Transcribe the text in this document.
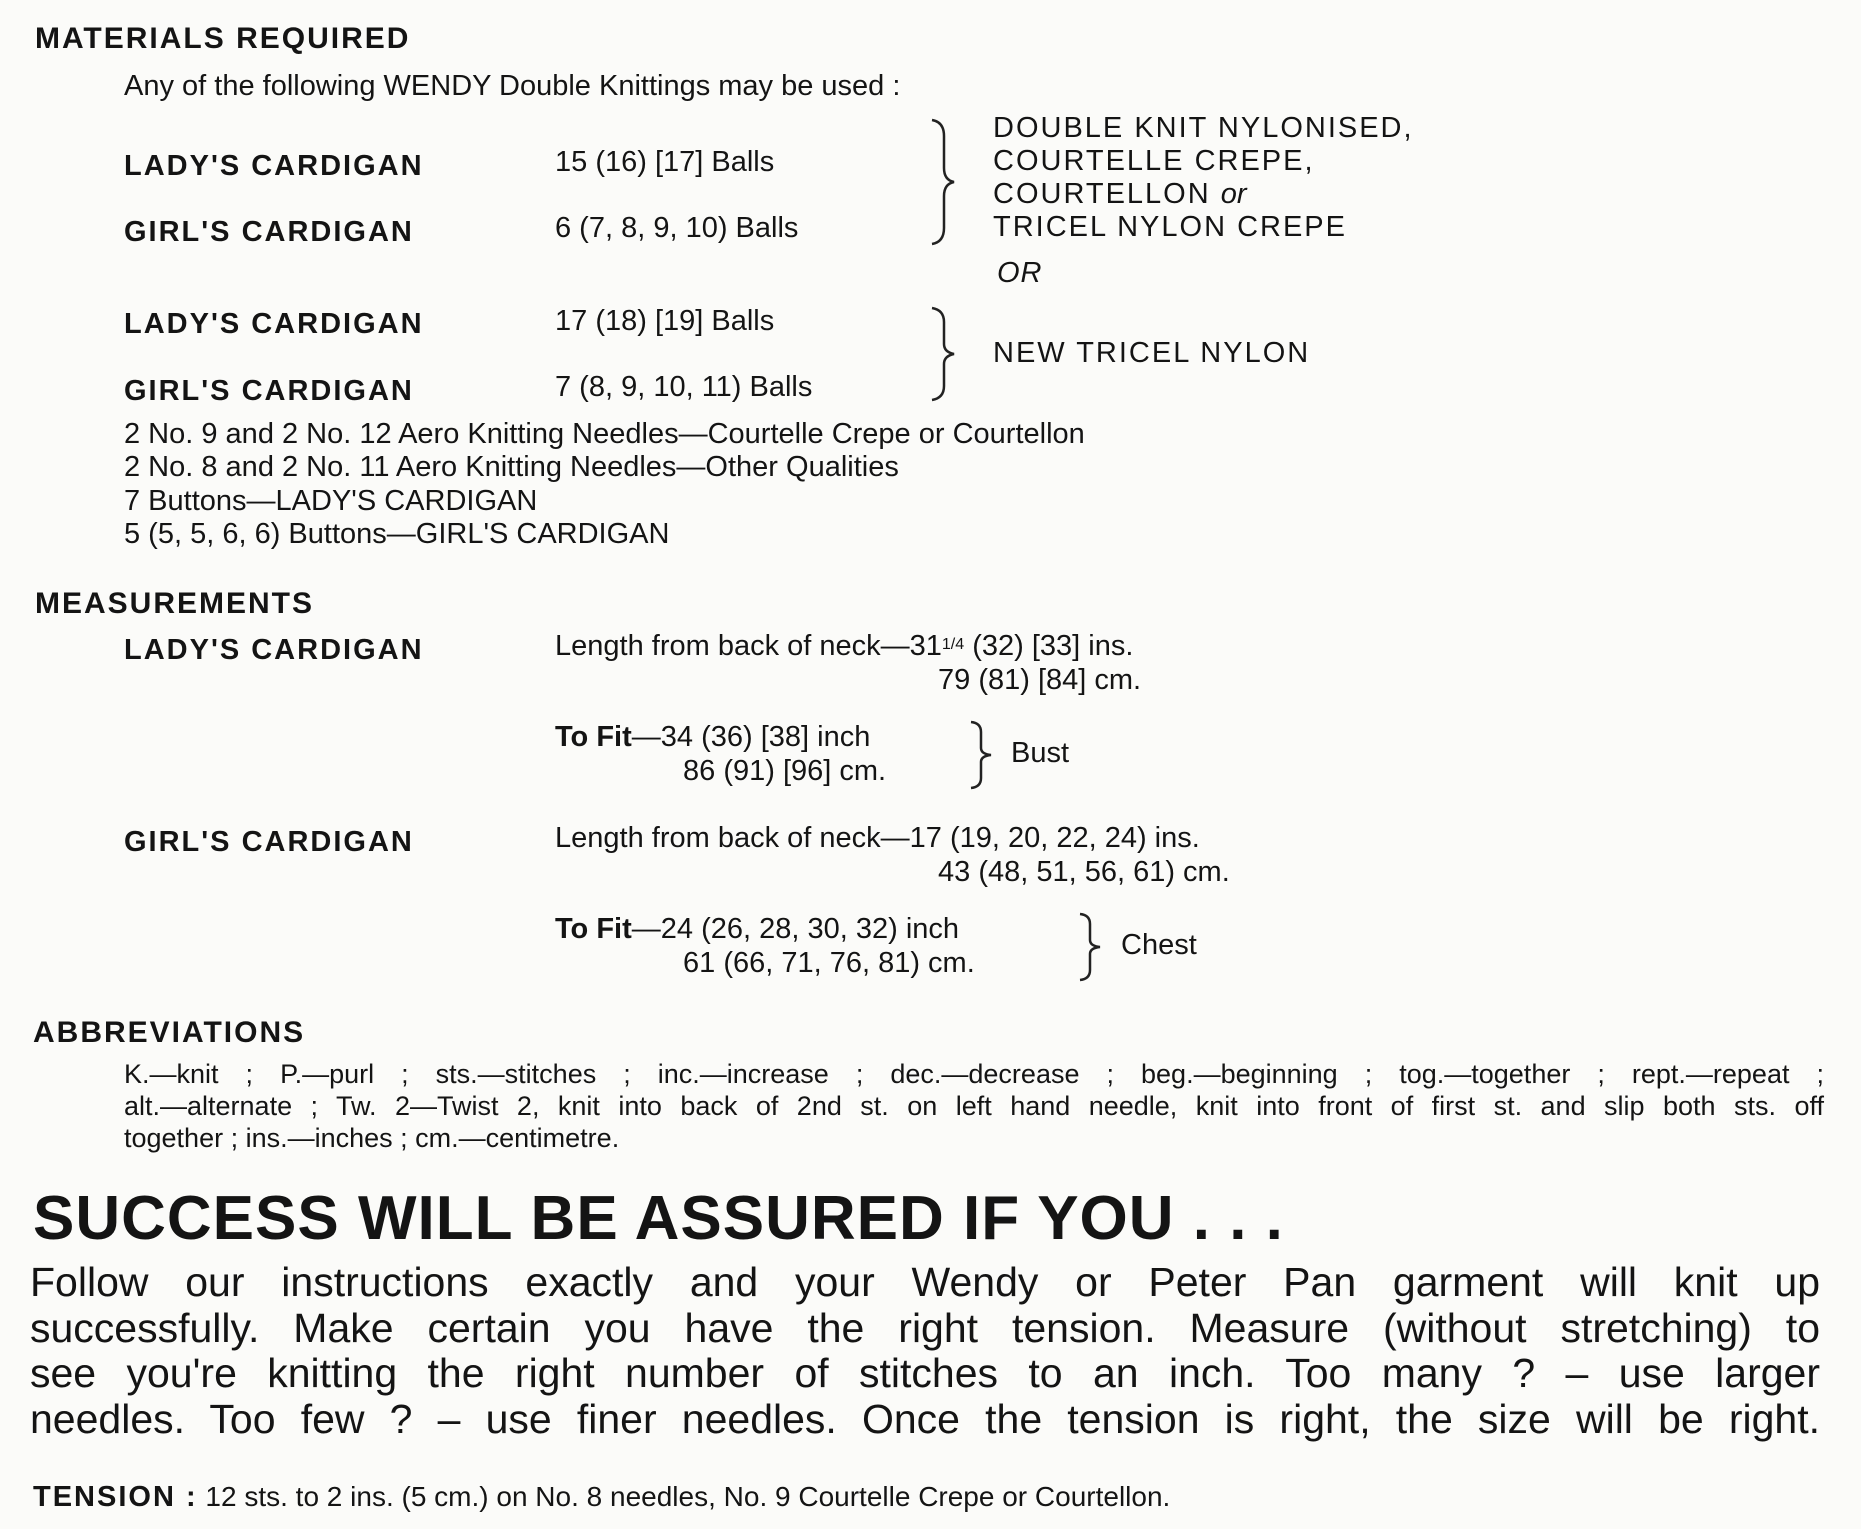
MATERIALS REQUIRED
Any of the following WENDY Double Knittings may be used :
LADY'S CARDIGAN	15 (16) [17] Balls
GIRL'S CARDIGAN	6 (7, 8, 9, 10) Balls
DOUBLE KNIT NYLONISED,
COURTELLE CREPE,
COURTELLON or
TRICEL NYLON CREPE
OR
LADY'S CARDIGAN	17 (18) [19] Balls
GIRL'S CARDIGAN	7 (8, 9, 10, 11) Balls
NEW TRICEL NYLON
2 No. 9 and 2 No. 12 Aero Knitting Needles—Courtelle Crepe or Courtellon
2 No. 8 and 2 No. 11 Aero Knitting Needles—Other Qualities
7 Buttons—LADY'S CARDIGAN
5 (5, 5, 6, 6) Buttons—GIRL'S CARDIGAN
MEASUREMENTS
LADY'S CARDIGAN	Length from back of $neck—31^{1/4}$ (32) [33] ins.
79 (81) [84] cm.
To Fit—34 (36) [38] inch
86 (91) [96] cm.
Bust
GIRL'S CARDIGAN	Length from back of neck—17 (19, 20, 22, 24) ins.
43 (48, 51, 56, 61) cm.
To Fit—24 (26, 28, 30, 32) inch
61 (66, 71, 76, 81) cm.
Chest
ABBREVIATIONS
K.—knit ; P.—purl ; sts.—stitches ; inc.—increase ; dec.—decrease ; beg.—beginning ; tog.—together ; rept.—repeat ;
alt.—alternate ; Tw. 2—Twist 2, knit into back of 2nd st. on left hand needle, knit into front of first st. and slip both sts. off
together ; ins.—inches ; cm.—centimetre.
SUCCESS WILL BE ASSURED IF YOU . . .
Follow our instructions exactly and your Wendy or Peter Pan garment will knit up
successfully. Make certain you have the right tension. Measure (without stretching) to
see you're knitting the right number of stitches to an inch. Too many ? – use larger
needles. Too few ? – use finer needles. Once the tension is right, the size will be right.
TENSION : 12 sts. to 2 ins. (5 cm.) on No. 8 needles, No. 9 Courtelle Crepe or Courtellon.
